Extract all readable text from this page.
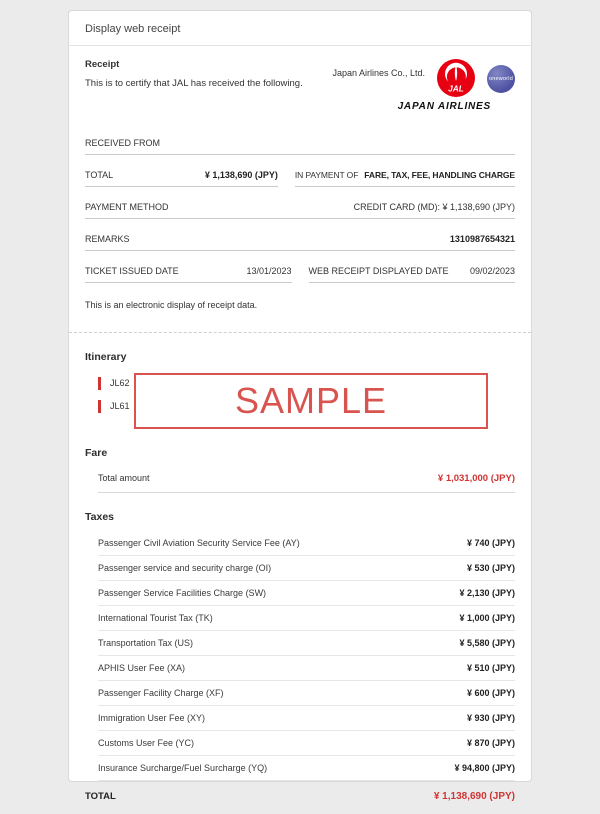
Display web receipt
Receipt
This is to certify that JAL has received the following.
Japan Airlines Co., Ltd.
JAL
oneworld
JAPAN AIRLINES
RECEIVED FROM
TOTAL	¥ 1,138,690 (JPY) IN PAYMENT OF FARE, TAX, FEE, HANDLING CHARGE
PAYMENT METHOD	CREDIT CARD (MD): ¥ 1,138,690 (JPY)
REMARKS	1310987654321
TICKET ISSUED DATE	13/01/2023 WEB RECEIPT DISPLAYED DATE 09/02/2023
This is an electronic display of receipt data.
Itinerary
JL62
JL61	SAMPLE
Fare
Total amount	¥ 1,031,000 (JPY)
Taxes
Passenger Civil Aviation Security Service Fee (AY)	¥ 740 (JPY)
Passenger service and security charge (OI)	¥ 530 (JPY)
Passenger Service Facilities Charge (SW)	¥ 2,130 (JPY)
International Tourist Tax (TK)	¥ 1,000 (JPY)
Transportation Tax (US)	¥ 5,580 (JPY)
APHIS User Fee (XA)	¥ 510 (JPY)
Passenger Facility Charge (XF)	¥ 600 (JPY)
Immigration User Fee (XY)	¥ 930 (JPY)
Customs User Fee (YC)	¥ 870 (JPY)
Insurance Surcharge/Fuel Surcharge (YQ)	¥ 94,800 (JPY)
TOTAL	¥ 1,138,690 (JPY)
